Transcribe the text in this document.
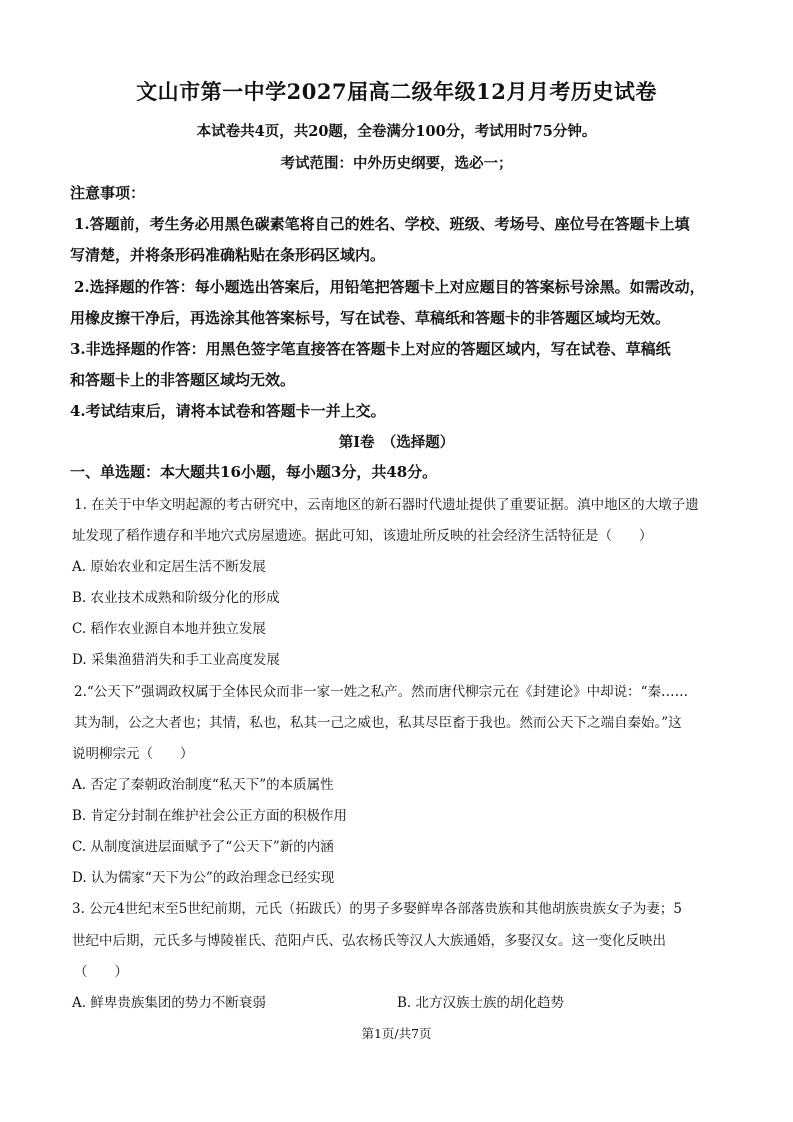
文山市第一中学2027届高二级年级12月月考历史试卷
本试卷共4页，共20题，全卷满分100分，考试用时75分钟。
考试范围：中外历史纲要，选必一；
注意事项：
1.答题前，考生务必用黑色碳素笔将自己的姓名、学校、班级、考场号、座位号在答题卡上填
写清楚，并将条形码准确粘贴在条形码区域内。
2.选择题的作答：每小题选出答案后，用铅笔把答题卡上对应题目的答案标号涂黑。如需改动，
用橡皮擦干净后，再选涂其他答案标号，写在试卷、草稿纸和答题卡的非答题区域均无效。
3.非选择题的作答：用黑色签字笔直接答在答题卡上对应的答题区域内，写在试卷、草稿纸
和答题卡上的非答题区域均无效。
4.考试结束后，请将本试卷和答题卡一并上交。
第Ⅰ卷　（选择题）
一、单选题：本大题共16小题，每小题3分，共48分。
1. 在关于中华文明起源的考古研究中，云南地区的新石器时代遗址提供了重要证据。滇中地区的大墩子遗
址发现了稻作遗存和半地穴式房屋遗迹。据此可知，该遗址所反映的社会经济生活特征是（　　）
A. 原始农业和定居生活不断发展
B. 农业技术成熟和阶级分化的形成
C. 稻作农业源自本地并独立发展
D. 采集渔猎消失和手工业高度发展
2.“公天下”强调政权属于全体民众而非一家一姓之私产。然而唐代柳宗元在《封建论》中却说：“秦……
其为制，公之大者也；其情，私也，私其一己之威也，私其尽臣畜于我也。然而公天下之端自秦始。”这
说明柳宗元（　　）
A. 否定了秦朝政治制度“私天下”的本质属性
B. 肯定分封制在维护社会公正方面的积极作用
C. 从制度演进层面赋予了“公天下”新的内涵
D. 认为儒家“天下为公”的政治理念已经实现
3. 公元4世纪末至5世纪前期，元氏（拓跋氏）的男子多娶鲜卑各部落贵族和其他胡族贵族女子为妻；5
世纪中后期，元氏多与博陵崔氏、范阳卢氏、弘农杨氏等汉人大族通婚，多娶汉女。这一变化反映出
（　　）
A. 鲜卑贵族集团的势力不断衰弱	B. 北方汉族士族的胡化趋势
第1页/共7页
